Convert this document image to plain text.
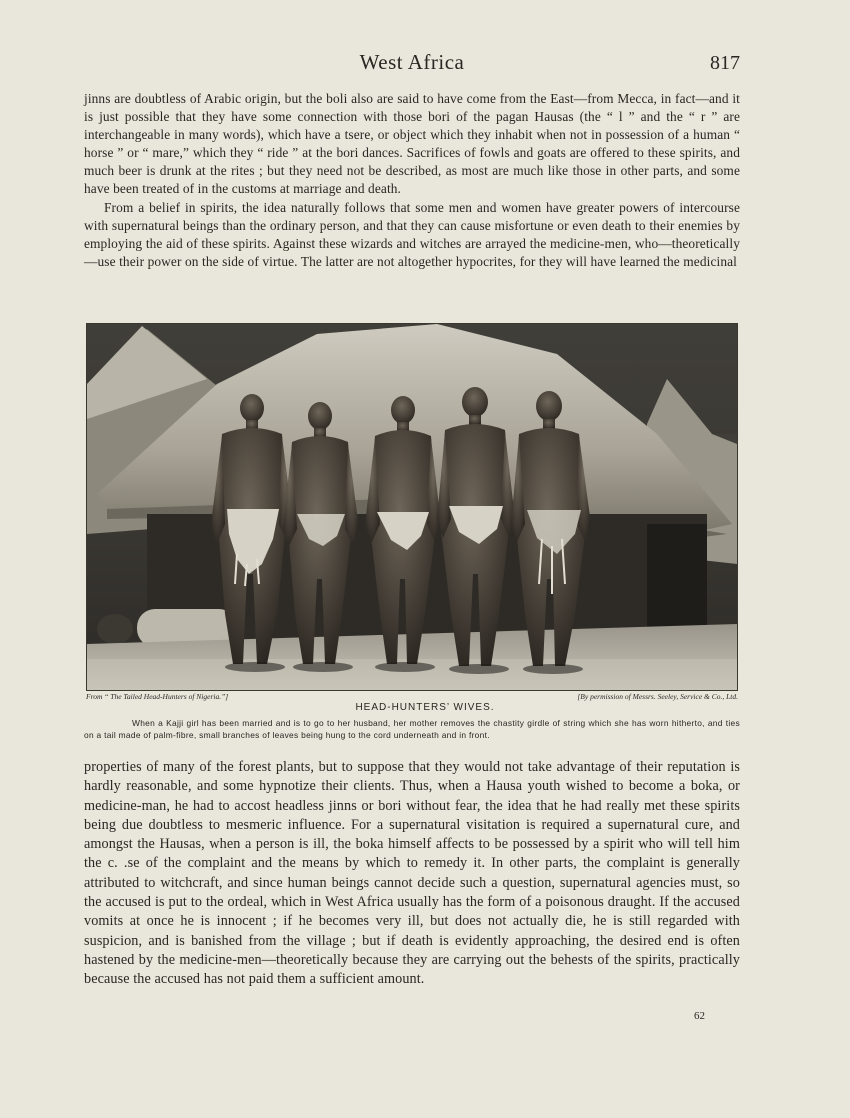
West Africa	817

jinns are doubtless of Arabic origin, but the boli also are said to have come from the East—from Mecca, in fact—and it is just possible that they have some connection with those bori of the pagan Hausas (the “ l ” and the “ r ” are interchangeable in many words), which have a tsere, or object which they inhabit when not in possession of a human “ horse ” or “ mare,” which they “ ride ” at the bori dances. Sacrifices of fowls and goats are offered to these spirits, and much beer is drunk at the rites ; but they need not be described, as most are much like those in other parts, and some have been treated of in the customs at marriage and death.

From a belief in spirits, the idea naturally follows that some men and women have greater powers of intercourse with supernatural beings than the ordinary person, and that they can cause misfortune or even death to their enemies by employing the aid of these spirits. Against these wizards and witches are arrayed the medicine-men, who—theoretically—use their power on the side of virtue. The latter are not altogether hypocrites, for they will have learned the medicinal

From “ The Tailed Head-Hunters of Nigeria.”]	[By permission of Messrs. Seeley, Service & Co., Ltd.
HEAD-HUNTERS’ WIVES.
When a Kajji girl has been married and is to go to her husband, her mother removes the chastity girdle of string which she has worn hitherto, and ties on a tail made of palm-fibre, small branches of leaves being hung to the cord underneath and in front.

properties of many of the forest plants, but to suppose that they would not take advantage of their reputation is hardly reasonable, and some hypnotize their clients. Thus, when a Hausa youth wished to become a boka, or medicine-man, he had to accost headless jinns or bori without fear, the idea that he had really met these spirits being due doubtless to mesmeric influence. For a supernatural visitation is required a supernatural cure, and amongst the Hausas, when a person is ill, the boka himself affects to be possessed by a spirit who will tell him the c. .se of the complaint and the means by which to remedy it. In other parts, the complaint is generally attributed to witchcraft, and since human beings cannot decide such a question, supernatural agencies must, so the accused is put to the ordeal, which in West Africa usually has the form of a poisonous draught. If the accused vomits at once he is innocent ; if he becomes very ill, but does not actually die, he is still regarded with suspicion, and is banished from the village ; but if death is evidently approaching, the desired end is often hastened by the medicine-men—theoretically because they are carrying out the behests of the spirits, practically because the accused has not paid them a sufficient amount.

62
